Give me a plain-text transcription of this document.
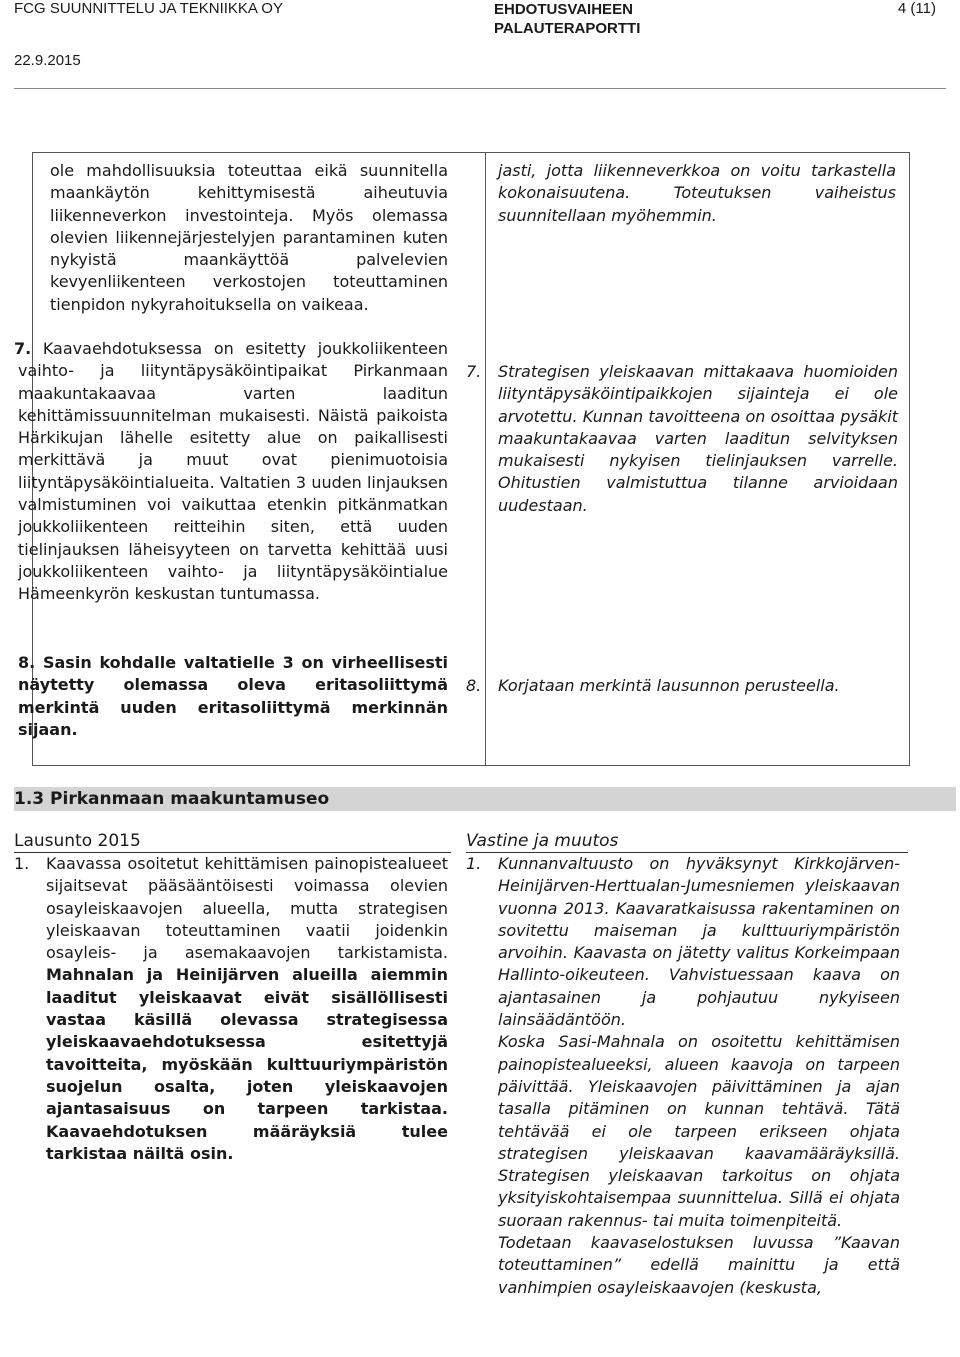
FCG SUUNNITTELU JA TEKNIIKKA OY	EHDOTUSVAIHEEN
PALAUTERAPORTTI
4 (11)
22.9.2015

ole mahdollisuuksia toteuttaa eikä suunnitella maankäytön kehittymisestä aiheutuvia liikenneverkon investointeja. Myös olemassa olevien liikennejärjestelyjen parantaminen kuten nykyistä maankäyttöä palvelevien kevyenliikenteen verkostojen toteuttaminen tienpidon nykyrahoituksella on vaikeaa.

7. Kaavaehdotuksessa on esitetty joukkoliikenteen vaihto- ja liityntäpysäköintipaikat Pirkanmaan maakuntakaavaa varten laaditun kehittämissuunnitelman mukaisesti. Näistä paikoista Härkikujan lähelle esitetty alue on paikallisesti merkittävä ja muut ovat pienimuotoisia liityntäpysäköintialueita. Valtatien 3 uuden linjauksen valmistuminen voi vaikuttaa etenkin pitkänmatkan joukkoliikenteen reitteihin siten, että uuden tielinjauksen läheisyyteen on tarvetta kehittää uusi joukkoliikenteen vaihto- ja liityntäpysäköintialue Hämeenkyrön keskustan tuntumassa.

8. Sasin kohdalle valtatielle 3 on virheellisesti näytetty olemassa oleva eritasoliittymä merkintä uuden eritasoliittymä merkinnän sijaan.

jasti, jotta liikenneverkkoa on voitu tarkastella kokonaisuutena. Toteutuksen vaiheistus suunnitellaan myöhemmin.

7. Strategisen yleiskaavan mittakaava huomioiden liityntäpysäköintipaikkojen sijainteja ei ole arvotettu. Kunnan tavoitteena on osoittaa pysäkit maakuntakaavaa varten laaditun selvityksen mukaisesti nykyisen tielinjauksen varrelle. Ohitustien valmistuttua tilanne arvioidaan uudestaan.

8. Korjataan merkintä lausunnon perusteella.

1.3 Pirkanmaan maakuntamuseo

Lausunto 2015	Vastine ja muutos

1. Kaavassa osoitetut kehittämisen painopistealueet sijaitsevat pääsääntöisesti voimassa olevien osayleiskaavojen alueella, mutta strategisen yleiskaavan toteuttaminen vaatii joidenkin osayleis- ja asemakaavojen tarkistamista. Mahnalan ja Heinijärven alueilla aiemmin laaditut yleiskaavat eivät sisällöllisesti vastaa käsillä olevassa strategisessa yleiskaavaehdotuksessa esitettyjä tavoitteita, myöskään kulttuuriympäristön suojelun osalta, joten yleiskaavojen ajantasaisuus on tarpeen tarkistaa. Kaavaehdotuksen määräyksiä tulee tarkistaa näiltä osin.

1. Kunnanvaltuusto on hyväksynyt Kirkkojärven-Heinijärven-Herttualan-Jumesniemen yleiskaavan vuonna 2013. Kaavaratkaisussa rakentaminen on sovitettu maiseman ja kulttuuriympäristön arvoihin. Kaavasta on jätetty valitus Korkeimpaan Hallinto-oikeuteen. Vahvistuessaan kaava on ajantasainen ja pohjautuu nykyiseen lainsäädäntöön.

Koska Sasi-Mahnala on osoitettu kehittämisen painopistealueeksi, alueen kaavoja on tarpeen päivittää. Yleiskaavojen päivittäminen ja ajan tasalla pitäminen on kunnan tehtävä. Tätä tehtävää ei ole tarpeen erikseen ohjata strategisen yleiskaavan kaavamääräyksillä. Strategisen yleiskaavan tarkoitus on ohjata yksityiskohtaisempaa suunnittelua. Sillä ei ohjata suoraan rakennus- tai muita toimenpiteitä.

Todetaan kaavaselostuksen luvussa ”Kaavan toteuttaminen” edellä mainittu ja että vanhimpien osayleiskaavojen (keskusta,
